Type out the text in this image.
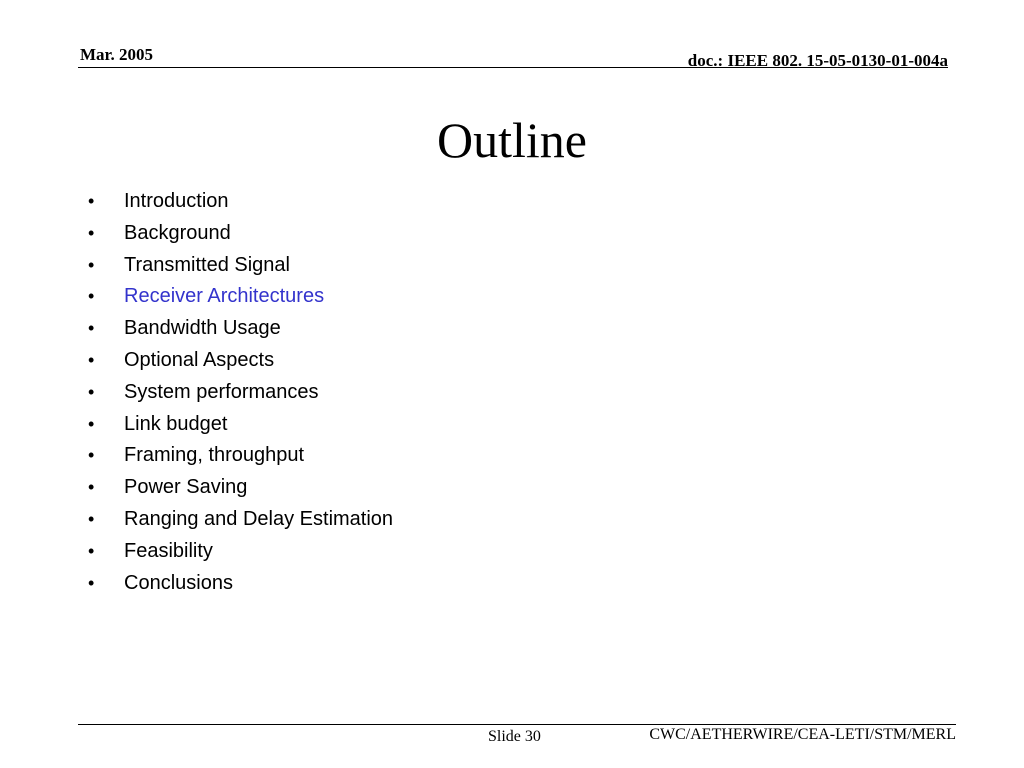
Mar. 2005	doc.: IEEE 802. 15-05-0130-01-004a
Outline
• Introduction
• Background
• Transmitted Signal
• Receiver Architectures
• Bandwidth Usage
• Optional Aspects
• System performances
• Link budget
• Framing, throughput
• Power Saving
• Ranging and Delay Estimation
• Feasibility
• Conclusions
Slide 30	CWC/AETHERWIRE/CEA-LETI/STM/MERL
